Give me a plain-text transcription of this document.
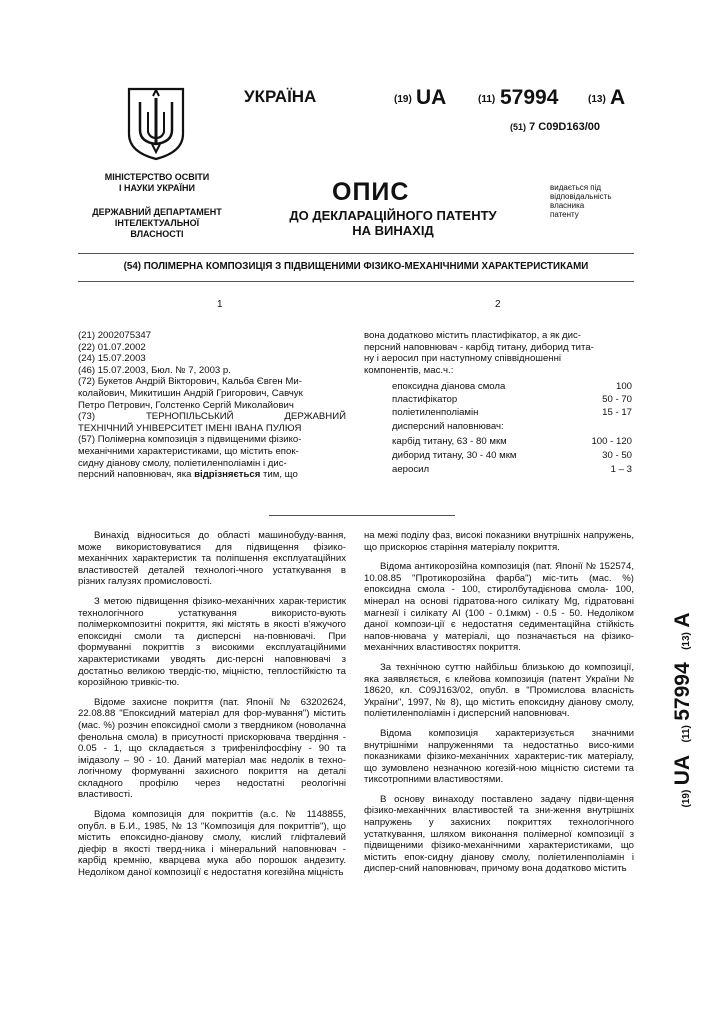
МІНІСТЕРСТВО ОСВІТИ
І НАУКИ УКРАЇНИ
ДЕРЖАВНИЙ ДЕПАРТАМЕНТ
ІНТЕЛЕКТУАЛЬНОЇ
ВЛАСНОСТІ
УКРАЇНА	(19) UA	(11) 57994	(13) A
(51) 7 C09D163/00
ОПИС
ДО ДЕКЛАРАЦІЙНОГО ПАТЕНТУ
НА ВИНАХІД
видається під
відповідальність
власника
патенту
(54) ПОЛІМЕРНА КОМПОЗИЦІЯ З ПІДВИЩЕНИМИ ФІЗИКО-МЕХАНІЧНИМИ ХАРАКТЕРИСТИКАМИ
1	2
(21) 2002075347
(22) 01.07.2002
(24) 15.07.2003
(46) 15.07.2003, Бюл. № 7, 2003 р.
(72) Букетов Андрій Вікторович, Кальба Євген Ми-
колайович, Микитишин Андрій Григорович, Савчук
Петро Петрович, Голстенко Сергій Миколайович
(73)	ТЕРНОПІЛЬСЬКИЙ	ДЕРЖАВНИЙ
ТЕХНІЧНИЙ УНІВЕРСИТЕТ ІМЕНІ ІВАНА ПУЛЮЯ
(57) Полімерна композиція з підвищеними фізико-
механічними характеристиками, що містить епок-
сидну діанову смолу, поліетиленполіамін і дис-
персний наповнювач, яка відрізняється тим, що
вона додатково містить пластифікатор, а як дис-
персний наповнювач - карбід титану, диборид тита-
ну і аеросил при наступному співвідношенні
компонентів, мас.ч.:
епоксидна діанова смола	100
пластифікатор	50 - 70
поліетиленполіамін	15 - 17
дисперсний наповнювач:
карбід титану, 63 - 80 мкм	100 - 120
диборид титану, 30 - 40 мкм	30 - 50
аеросил	1 – 3

Винахід відноситься до області машинобуду-вання, може використовуватися для підвищення фізико-механічних характеристик та поліпшення експлуатаційних властивостей деталей технологі-чного устаткування в різних галузях промисловості.

З метою підвищення фізико-механічних харак-теристик технологічного устаткування використо-вують полімеркомпозитні покриття, які містять в якості в'яжучого епоксидні смоли та дисперсні на-повнювачі. При формуванні покриттів з високими експлуатаційними характеристиками уводять дис-персні наповнювачі з достатньо великою твердіс-тю, міцністю, теплостійкістю та корозійною тривкіс-тю.

Відоме захисне покриття (пат. Японії № 63202624, 22.08.88 "Епоксидний матеріал для фор-мування") містить (мас. %) розчин епоксидної смоли з твердником (новолачна фенольна смола) в присутності прискорювача твердіння - 0.05 - 1, що складається з трифенілфосфіну - 90 та імідазолу – 90 - 10. Даний матеріал має недолік в техно-логічному формуванні захисного покриття на деталі складного профілю через недостатні реологічні властивості.

Відома композиція для покриттів (а.с. № 1148855, опубл. в Б.И., 1985, № 13 "Композиція для покриттів"), що містить епоксидно-діанову смолу, кислий гліфталевий діефір в якості тверд-ника і мінеральний наповнювач - карбід кремнію, кварцева мука або порошок андезиту. Недоліком даної композиції є недостатня когезійна міцність

на межі поділу фаз, високі показники внутрішніх напружень, що прискорює старіння матеріалу покриття.

Відома антикорозійна композиція (пат. Японії № 152574, 10.08.85 "Протикорозійна фарба") міс-тить (мас. %) епоксидна смола - 100, стиролбутадієнова смола- 100, мінерал на основі гідратова-ного силікату Mg, гідратовані магнезії і силікату Al (100 - 0.1мкм) - 0.5 - 50. Недоліком даної компози-ції є недостатня седиментаційна стійкість напов-нювача у матеріалі, що позначається на фізико-механічних властивостях покриття.

За технічною суттю найбільш близькою до композиції, яка заявляється, є клейова композиція (патент України № 18620, кл. С09J163/02, опубл. в "Промислова власність України", 1997, № 8), що містить епоксидну діанову смолу, поліетиленполіамін і дисперсний наповнювач.

Відома композиція характеризується значними внутрішніми напруженнями та недостатньо висо-кими показниками фізико-механічних характерис-тик матеріалу, що зумовлено незначною когезій-ною міцністю системи та тиксотропними властивостями.

В основу винаходу поставлено задачу підви-щення фізико-механічних властивостей та зни-ження внутрішніх напружень у захисних покриттях технологічного устаткування, шляхом виконання полімерної композиції з підвищеними фізико-механічними характеристиками, що містить епок-сидну діанову смолу, поліетиленполіамін і диспер-сний наповнювач, причому вона додатково містить

(19) UA (11) 57994 (13) A
